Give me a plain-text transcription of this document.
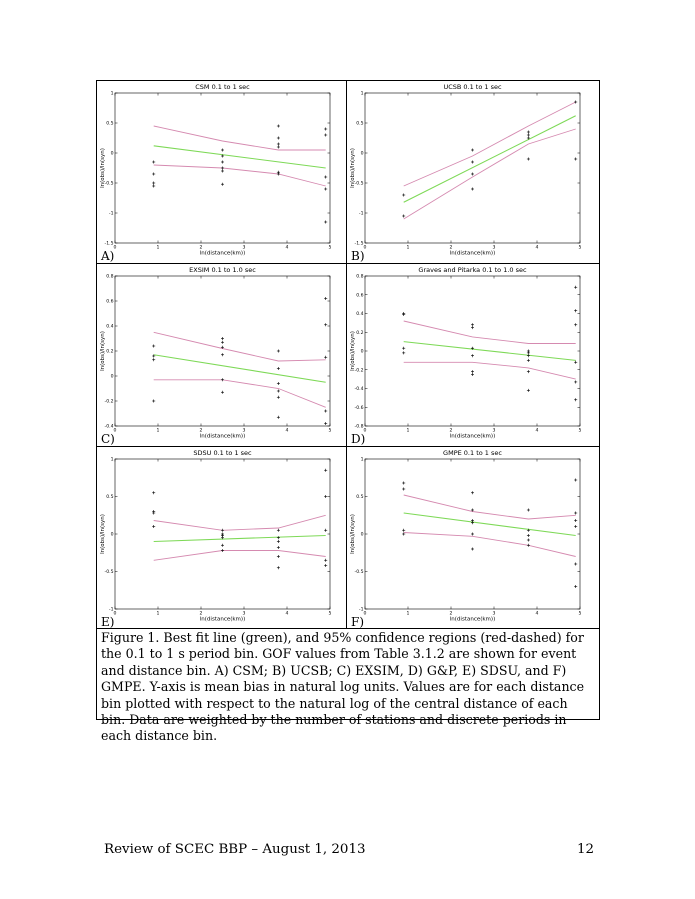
CSM 0.1 to 1 sec
0	1	2	3	4	5
-1.5
-1
-0.5
0
0.5
1
ln(distance(km))
ln(obs)/ln(syn)
A)
UCSB 0.1 to 1 sec
0	1	2	3	4	5
-1.5
-1
-0.5
0
0.5
1
ln(distance(km))
ln(obs)/ln(syn)
B)
EXSIM 0.1 to 1.0 sec
0	1	2	3	4	5
-0.4
-0.2
0
0.2
0.4
0.6
0.8
ln(distance(km))
ln(obs)/ln(syn)
C)
Graves and Pitarka 0.1 to 1.0 sec
0	1	2	3	4	5
-0.8
-0.6
-0.4
-0.2
0
0.2
0.4
0.6
0.8
ln(distance(km))
ln(obs)/ln(syn)
D)
SDSU 0.1 to 1 sec
0	1	2	3	4	5
-1
-0.5
0
0.5
1
ln(distance(km))
ln(obs)/ln(syn)
E)
GMPE 0.1 to 1 sec
0	1	2	3	4	5
-1
-0.5
0
0.5
1
ln(distance(km))
ln(obs)/ln(syn)
F)
Figure 1. Best fit line (green), and 95% confidence regions (red-dashed) for the 0.1 to 1 s period bin. GOF values from Table 3.1.2 are shown for event and distance bin. A) CSM; B) UCSB; C) EXSIM, D) G&P, E) SDSU, and F) GMPE. Y-axis is mean bias in natural log units. Values are for each distance bin plotted with respect to the natural log of the central distance of each bin. Data are weighted by the number of stations and discrete periods in each distance bin.
Review of SCEC BBP – August 1, 2013	12
